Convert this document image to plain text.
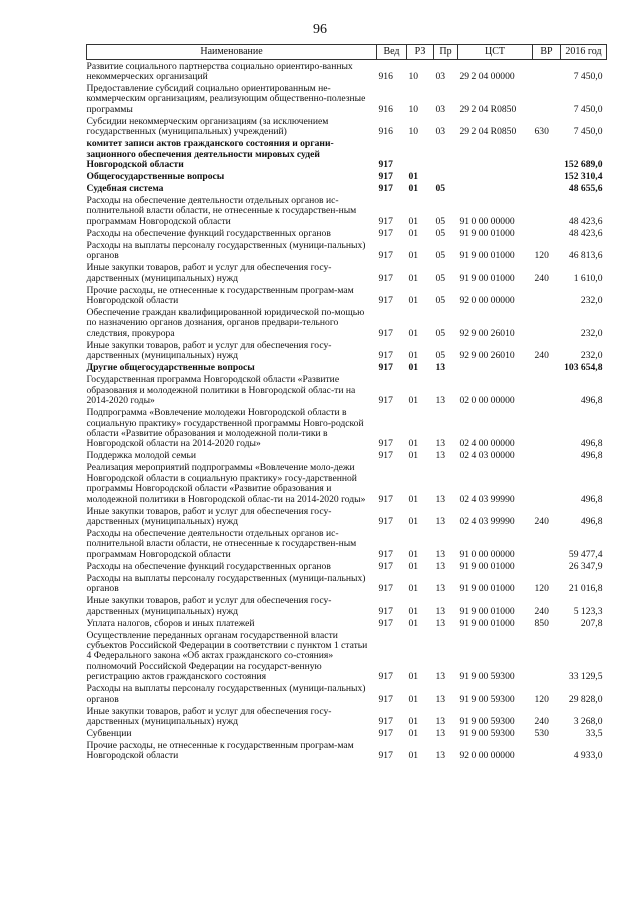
96
Наименование	Вед	РЗ	Пр	ЦСТ	ВР	2016 год
Развитие социального партнерства социально ориентиро-ванных некоммерческих организаций	916	10	03	29 2 04 00000		7 450,0
Предоставление субсидий социально ориентированным не-коммерческим организациям, реализующим общественно-полезные программы	916	10	03	29 2 04 R0850		7 450,0
Субсидии некоммерческим организациям (за исключением государственных (муниципальных) учреждений)	916	10	03	29 2 04 R0850	630	7 450,0
комитет записи актов гражданского состояния и органи-зационного обеспечения деятельности мировых судей Новгородской области	917					152 689,0
Общегосударственные вопросы	917	01				152 310,4
Судебная система	917	01	05			48 655,6
Расходы на обеспечение деятельности отдельных органов ис-полнительной власти области, не отнесенные к государствен-ным программам Новгородской области	917	01	05	91 0 00 00000		48 423,6
Расходы на обеспечение функций государственных органов	917	01	05	91 9 00 01000		48 423,6
Расходы на выплаты персоналу государственных (муници-пальных) органов	917	01	05	91 9 00 01000	120	46 813,6
Иные закупки товаров, работ и услуг для обеспечения госу-дарственных (муниципальных) нужд	917	01	05	91 9 00 01000	240	1 610,0
Прочие расходы, не отнесенные к государственным програм-мам Новгородской области	917	01	05	92 0 00 00000		232,0
Обеспечение граждан квалифицированной юридической по-мощью по назначению органов дознания, органов предвари-тельного следствия, прокурора	917	01	05	92 9 00 26010		232,0
Иные закупки товаров, работ и услуг для обеспечения госу-дарственных (муниципальных) нужд	917	01	05	92 9 00 26010	240	232,0
Другие общегосударственные вопросы	917	01	13			103 654,8
Государственная программа Новгородской области «Развитие образования и молодежной политики в Новгородской облас-ти на 2014-2020 годы»	917	01	13	02 0 00 00000		496,8
Подпрограмма «Вовлечение молодежи Новгородской области в социальную практику» государственной программы Новго-родской области «Развитие образования и молодежной поли-тики в Новгородской области на 2014-2020 годы»	917	01	13	02 4 00 00000		496,8
Поддержка молодой семьи	917	01	13	02 4 03 00000		496,8
Реализация мероприятий подпрограммы «Вовлечение моло-дежи Новгородской области в социальную практику» госу-дарственной программы Новгородской области «Развитие образования и молодежной политики в Новгородской облас-ти на 2014-2020 годы»	917	01	13	02 4 03 99990		496,8
Иные закупки товаров, работ и услуг для обеспечения госу-дарственных (муниципальных) нужд	917	01	13	02 4 03 99990	240	496,8
Расходы на обеспечение деятельности отдельных органов ис-полнительной власти области, не отнесенные к государствен-ным программам Новгородской области	917	01	13	91 0 00 00000		59 477,4
Расходы на обеспечение функций государственных органов	917	01	13	91 9 00 01000		26 347,9
Расходы на выплаты персоналу государственных (муници-пальных) органов	917	01	13	91 9 00 01000	120	21 016,8
Иные закупки товаров, работ и услуг для обеспечения госу-дарственных (муниципальных) нужд	917	01	13	91 9 00 01000	240	5 123,3
Уплата налогов, сборов и иных платежей	917	01	13	91 9 00 01000	850	207,8
Осуществление переданных органам государственной власти субъектов Российской Федерации в соответствии с пунктом 1 статьи 4 Федерального закона «Об актах гражданского со-стояния» полномочий Российской Федерации на государст-венную регистрацию актов гражданского состояния	917	01	13	91 9 00 59300		33 129,5
Расходы на выплаты персоналу государственных (муници-пальных) органов	917	01	13	91 9 00 59300	120	29 828,0
Иные закупки товаров, работ и услуг для обеспечения госу-дарственных (муниципальных) нужд	917	01	13	91 9 00 59300	240	3 268,0
Субвенции	917	01	13	91 9 00 59300	530	33,5
Прочие расходы, не отнесенные к государственным програм-мам Новгородской области	917	01	13	92 0 00 00000		4 933,0
